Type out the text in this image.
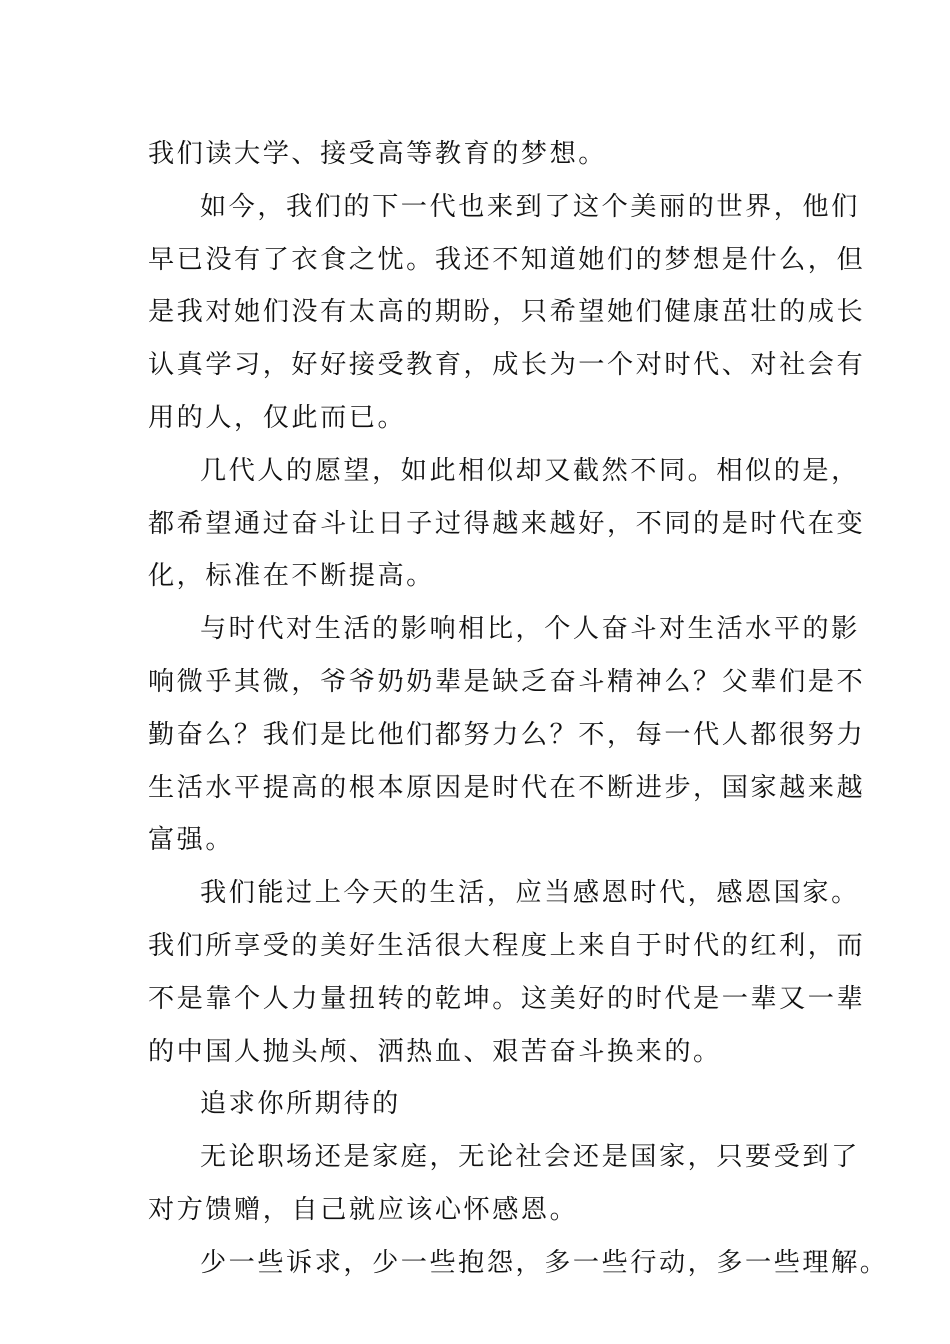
我们读大学、接受高等教育的梦想。
如今，我们的下一代也来到了这个美丽的世界，他们
早已没有了衣食之忧。我还不知道她们的梦想是什么，但
是我对她们没有太高的期盼，只希望她们健康茁壮的成长
认真学习，好好接受教育，成长为一个对时代、对社会有
用的人，仅此而已。
几代人的愿望，如此相似却又截然不同。相似的是，
都希望通过奋斗让日子过得越来越好，不同的是时代在变
化，标准在不断提高。
与时代对生活的影响相比，个人奋斗对生活水平的影
响微乎其微，爷爷奶奶辈是缺乏奋斗精神么？父辈们是不
勤奋么？我们是比他们都努力么？不，每一代人都很努力
生活水平提高的根本原因是时代在不断进步，国家越来越
富强。
我们能过上今天的生活，应当感恩时代，感恩国家。
我们所享受的美好生活很大程度上来自于时代的红利，而
不是靠个人力量扭转的乾坤。这美好的时代是一辈又一辈
的中国人抛头颅、洒热血、艰苦奋斗换来的。
追求你所期待的
无论职场还是家庭，无论社会还是国家，只要受到了
对方馈赠，自己就应该心怀感恩。
少一些诉求，少一些抱怨，多一些行动，多一些理解。
